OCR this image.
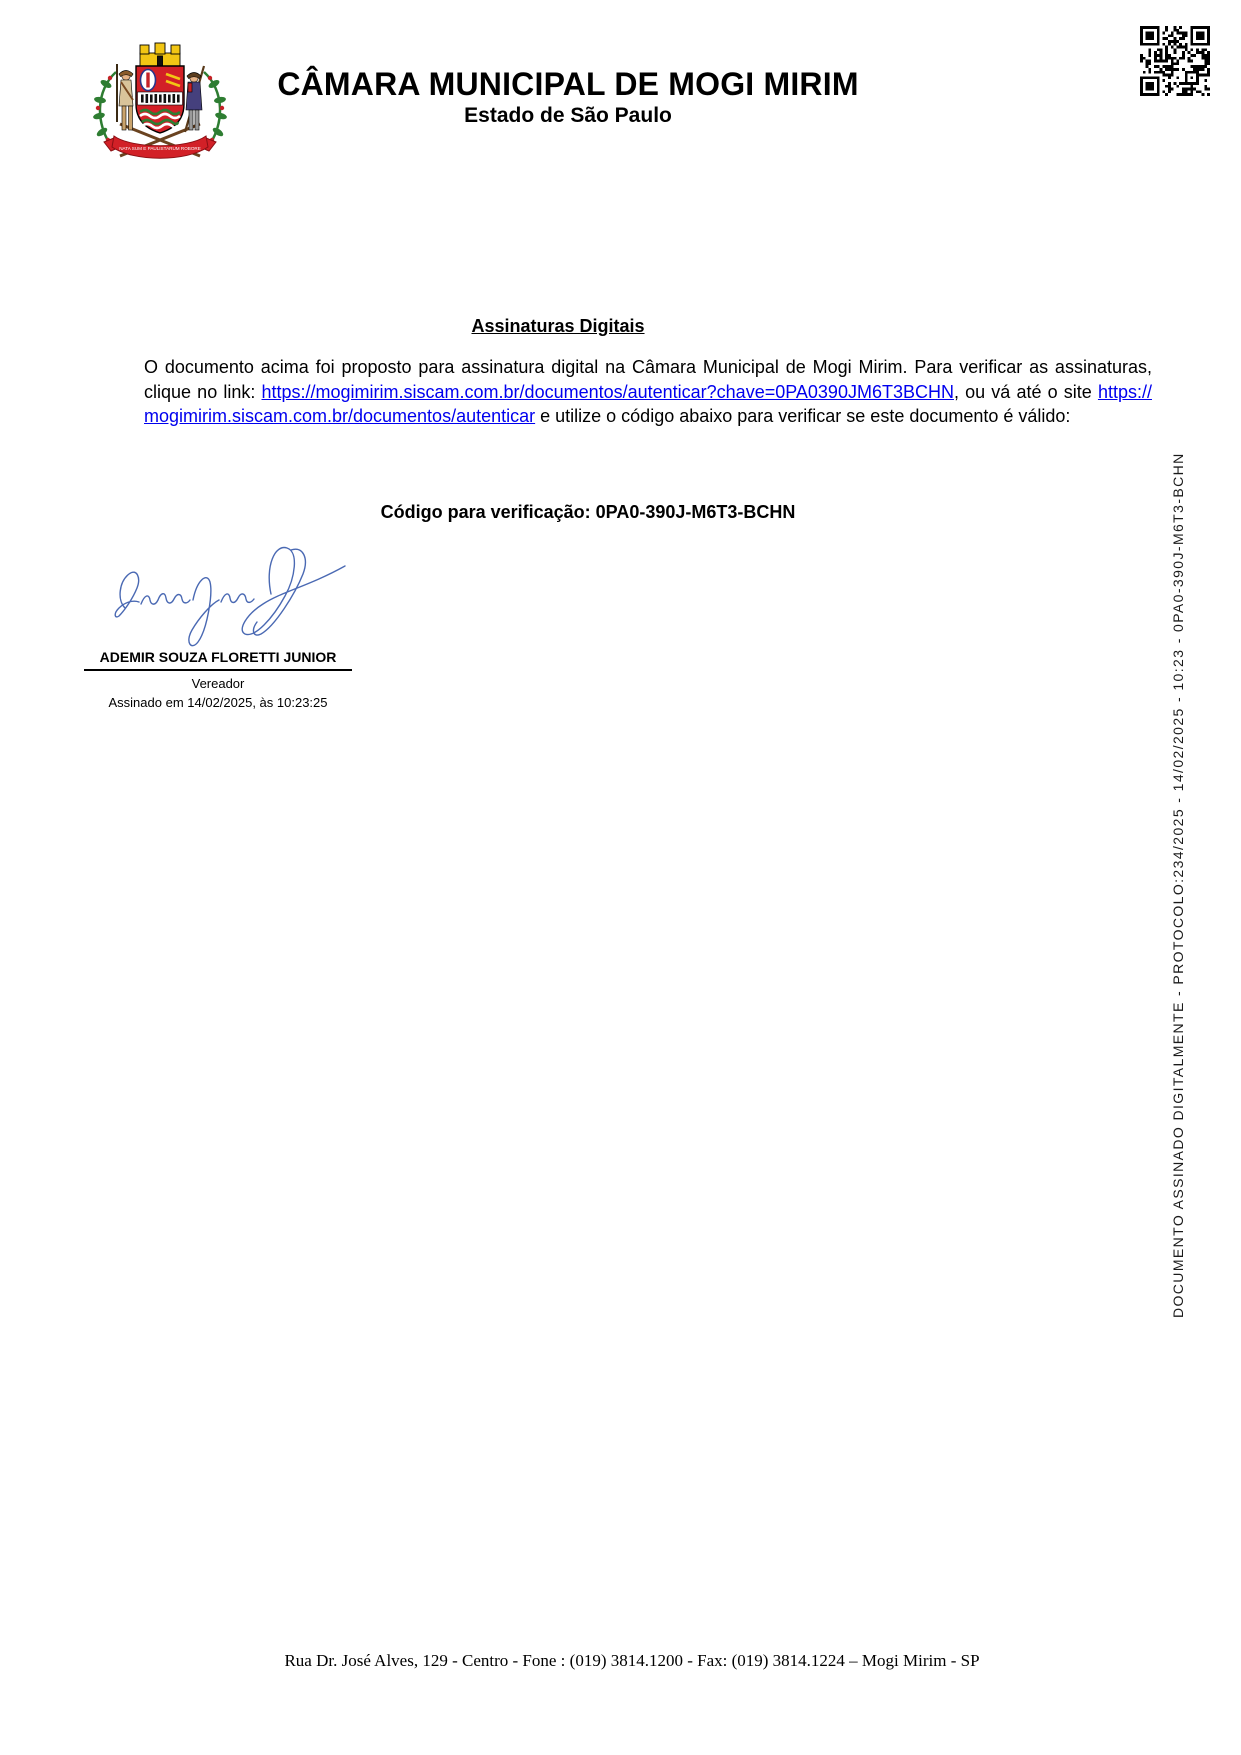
NATA SUM E PAULISTARUM ROBORE
CÂMARA MUNICIPAL DE MOGI MIRIM
Estado de São Paulo
Assinaturas Digitais
O documento acima foi proposto para assinatura digital na Câmara Municipal de Mogi Mirim. Para verificar as assinaturas, clique no link: https://mogimirim.siscam.com.br/documentos/autenticar?chave=0PA0390JM6T3BCHN, ou vá até o site https://mogimirim.siscam.com.br/documentos/autenticar e utilize o código abaixo para verificar se este documento é válido:
Código para verificação: 0PA0-390J-M6T3-BCHN
ADEMIR SOUZA FLORETTI JUNIOR
Vereador
Assinado em 14/02/2025, às 10:23:25	DOCUMENTO ASSINADO DIGITALMENTE - PROTOCOLO:234/2025 - 14/02/2025 - 10:23 - 0PA0-390J-M6T3-BCHN
Rua Dr. José Alves, 129 - Centro - Fone : (019) 3814.1200 - Fax: (019) 3814.1224 – Mogi Mirim - SP
